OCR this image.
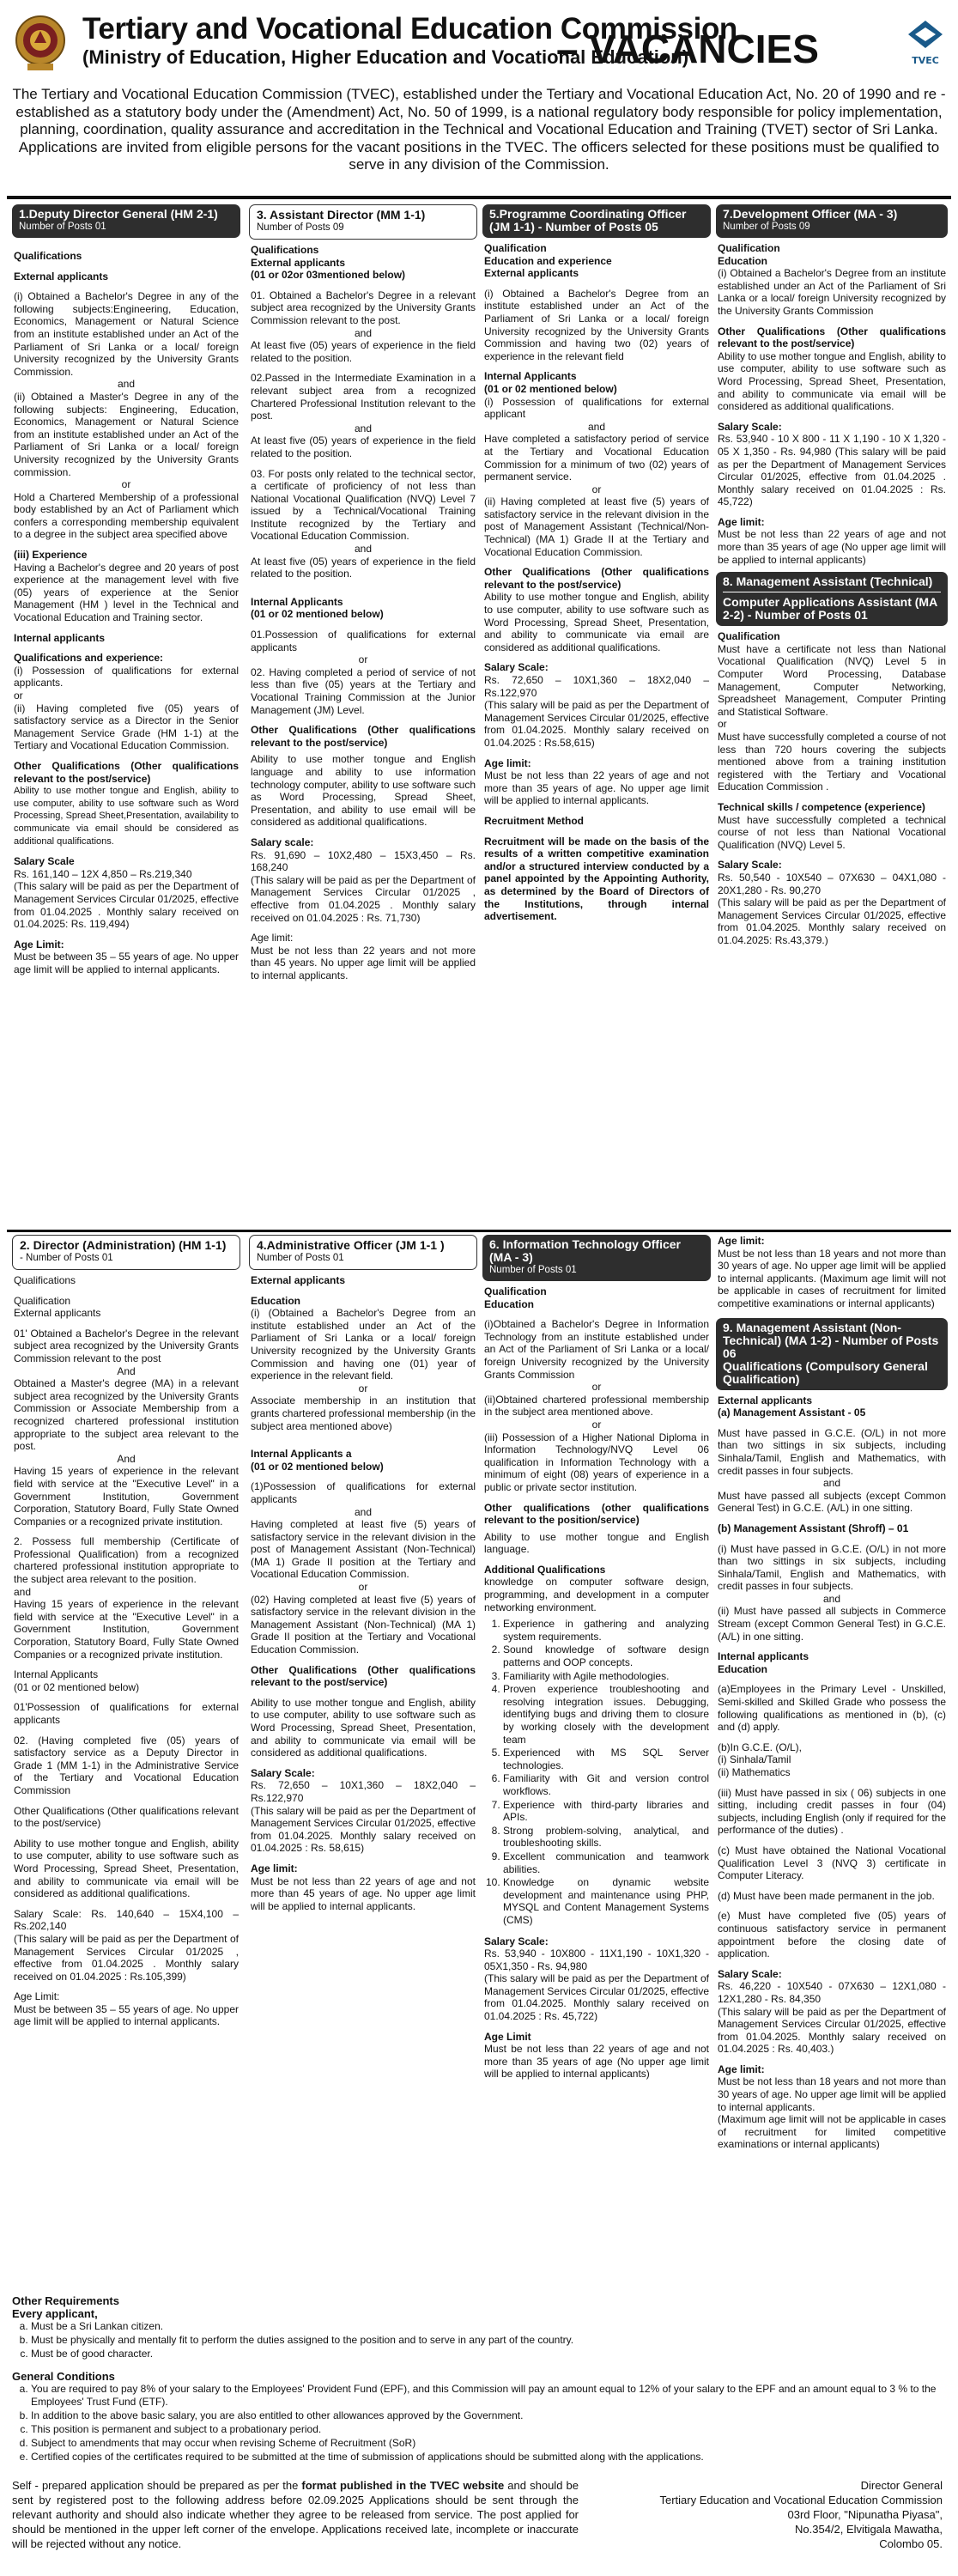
Tertiary and Vocational Education Commission
(Ministry of Education, Higher Education and Vocational Education)
– VACANCIES	TVEC
The Tertiary and Vocational Education Commission (TVEC), established under the Tertiary and Vocational Education Act, No. 20 of 1990 and re -established as a statutory body under the (Amendment) Act, No. 50 of 1999, is a national regulatory body responsible for policy implementation, planning, coordination, quality assurance and accreditation in the Technical and Vocational Education and Training (TVET) sector of Sri Lanka. Applications are invited from eligible persons for the vacant positions in the TVEC. The officers selected for these positions must be qualified to serve in any division of the Commission.
1.Deputy Director General (HM 2-1)
Number of Posts 01
Qualifications
External applicants
(i) Obtained a Bachelor's Degree in any of the following subjects:Engineering, Education, Economics, Management or Natural Science from an institute established under an Act of the Parliament of Sri Lanka or a local/ foreign University recognized by the University Grants Commission.
and
(ii) Obtained a Master's Degree in any of the following subjects: Engineering, Education, Economics, Management or Natural Science from an institute established under an Act of the Parliament of Sri Lanka or a local/ foreign University recognized by the University Grants commission.
or
Hold a Chartered Membership of a professional body established by an Act of Parliament which confers a corresponding membership equivalent to a degree in the subject area specified above
(iii) Experience
Having a Bachelor's degree and 20 years of post experience at the management level with five (05) years of experience at the Senior Management (HM ) level in the Technical and Vocational Education and Training sector.
Internal applicants
Qualifications and experience:
(i) Possession of qualifications for external applicants.
or
(ii) Having completed five (05) years of satisfactory service as a Director in the Senior Management Service Grade (HM 1-1) at the Tertiary and Vocational Education Commission.
Other Qualifications (Other qualifications relevant to the post/service)
Ability to use mother tongue and English, ability to use computer, ability to use software such as Word Processing, Spread Sheet,Presentation, availability to communicate via email should be considered as additional qualifications.
Salary Scale
Rs. 161,140 – 12X 4,850 – Rs.219,340
(This salary will be paid as per the Department of Management Services Circular 01/2025, effective from 01.04.2025 . Monthly salary received on 01.04.2025: Rs. 119,494)
Age Limit:
Must be between 35 – 55 years of age. No upper age limit will be applied to internal applicants.
3. Assistant Director (MM 1-1)
Number of Posts 09
Qualifications
External applicants
(01 or 02or 03mentioned below)
01. Obtained a Bachelor's Degree in a relevant subject area recognized by the University Grants Commission relevant to the post.
and
At least five (05) years of experience in the field related to the position.
02.Passed in the Intermediate Examination in a relevant subject area from a recognized Chartered Professional Institution relevant to the post.
and
At least five (05) years of experience in the field related to the position.
03. For posts only related to the technical sector, a certificate of proficiency of not less than National Vocational Qualification (NVQ) Level 7 issued by a Technical/Vocational Training Institute recognized by the Tertiary and Vocational Education Commission.
and
At least five (05) years of experience in the field related to the position.
Internal Applicants
(01 or 02 mentioned below)
01.Possession of qualifications for external applicants
or
02. Having completed a period of service of not less than five (05) years at the Tertiary and Vocational Training Commission at the Junior Management (JM) Level.
Other Qualifications (Other qualifications relevant to the post/service)
Ability to use mother tongue and English language and ability to use information technology computer, ability to use software such as Word Processing, Spread Sheet, Presentation, and ability to use email will be considered as additional qualifications.
Salary scale:
Rs. 91,690 – 10X2,480 – 15X3,450 – Rs. 168,240
(This salary will be paid as per the Department of Management Services Circular 01/2025 , effective from 01.04.2025 . Monthly salary received on 01.04.2025 : Rs. 71,730)
Age limit:
Must be not less than 22 years and not more than 45 years. No upper age limit will be applied to internal applicants.
5.Programme Coordinating Officer (JM 1-1) - Number of Posts 05
Qualification
Education and experience
External applicants
(i) Obtained a Bachelor's Degree from an institute established under an Act of the Parliament of Sri Lanka or a local/ foreign University recognized by the University Grants Commission and having two (02) years of experience in the relevant field
Internal Applicants
(01 or 02 mentioned below)
(i) Possession of qualifications for external applicant
and
Have completed a satisfactory period of service at the Tertiary and Vocational Education Commission for a minimum of two (02) years of permanent service.
or
(ii) Having completed at least five (5) years of satisfactory service in the relevant division in the post of Management Assistant (Technical/Non-Technical) (MA 1) Grade II at the Tertiary and Vocational Education Commission.
Other Qualifications (Other qualifications relevant to the post/service)
Ability to use mother tongue and English, ability to use computer, ability to use software such as Word Processing, Spread Sheet, Presentation, and ability to communicate via email are considered as additional qualifications.
Salary Scale:
Rs. 72,650 – 10X1,360 – 18X2,040 – Rs.122,970
(This salary will be paid as per the Department of Management Services Circular 01/2025, effective from 01.04.2025. Monthly salary received on 01.04.2025 : Rs.58,615)
Age limit:
Must be not less than 22 years of age and not more than 35 years of age. No upper age limit will be applied to internal applicants.
Recruitment Method
Recruitment will be made on the basis of the results of a written competitive examination and/or a structured interview conducted by a panel appointed by the Appointing Authority, as determined by the Board of Directors of the Institutions, through internal advertisement.
7.Development Officer (MA - 3)
Number of Posts 09
Qualification
Education
(i) Obtained a Bachelor's Degree from an institute established under an Act of the Parliament of Sri Lanka or a local/ foreign University recognized by the University Grants Commission
Other Qualifications (Other qualifications relevant to the post/service)
Ability to use mother tongue and English, ability to use computer, ability to use software such as Word Processing, Spread Sheet, Presentation, and ability to communicate via email will be considered as additional qualifications.
Salary Scale:
Rs. 53,940 - 10 X 800 - 11 X 1,190 - 10 X 1,320 - 05 X 1,350 - Rs. 94,980 (This salary will be paid as per the Department of Management Services Circular 01/2025, effective from 01.04.2025 . Monthly salary received on 01.04.2025 : Rs. 45,722)
Age limit:
Must be not less than 22 years of age and not more than 35 years of age (No upper age limit will be applied to internal applicants)
8. Management Assistant (Technical)
Computer Applications Assistant (MA 2-2) - Number of Posts 01
Qualification
Must have a certificate not less than National Vocational Qualification (NVQ) Level 5 in Computer Word Processing, Database Management, Computer Networking, Spreadsheet Management, Computer Printing and Statistical Software.
or
Must have successfully completed a course of not less than 720 hours covering the subjects mentioned above from a training institution registered with the Tertiary and Vocational Education Commission .
Technical skills / competence (experience)
Must have successfully completed a technical course of not less than National Vocational Qualification (NVQ) Level 5.
Salary Scale:
Rs. 50,540 - 10X540 – 07X630 – 04X1,080 - 20X1,280 - Rs. 90,270
(This salary will be paid as per the Department of Management Services Circular 01/2025, effective from 01.04.2025. Monthly salary received on 01.04.2025: Rs.43,379.)
2. Director (Administration) (HM 1-1)
- Number of Posts 01
Qualifications
Qualification
External applicants
01' Obtained a Bachelor's Degree in the relevant subject area recognized by the University Grants Commission relevant to the post
And
Obtained a Master's degree (MA) in a relevant subject area recognized by the University Grants Commission or Associate Membership from a recognized chartered professional institution appropriate to the subject area relevant to the post.
And
Having 15 years of experience in the relevant field with service at the "Executive Level" in a Government Institution, Government Corporation, Statutory Board, Fully State Owned Companies or a recognized private institution.
2. Possess full membership (Certificate of Professional Qualification) from a recognized chartered professional institution appropriate to the subject area relevant to the position.
and
Having 15 years of experience in the relevant field with service at the "Executive Level" in a Government Institution, Government Corporation, Statutory Board, Fully State Owned Companies or a recognized private institution.
Internal Applicants
(01 or 02 mentioned below)
01'Possession of qualifications for external applicants
02. (Having completed five (05) years of satisfactory service as a Deputy Director in Grade 1 (MM 1-1) in the Administrative Service of the Tertiary and Vocational Education Commission
Other Qualifications (Other qualifications relevant to the post/service)
Ability to use mother tongue and English, ability to use computer, ability to use software such as Word Processing, Spread Sheet, Presentation, and ability to communicate via email will be considered as additional qualifications.
Salary Scale: Rs. 140,640 – 15X4,100 – Rs.202,140
(This salary will be paid as per the Department of Management Services Circular 01/2025 , effective from 01.04.2025 . Monthly salary received on 01.04.2025 : Rs.105,399)
Age Limit:
Must be between 35 – 55 years of age. No upper age limit will be applied to internal applicants.
4.Administrative Officer (JM 1-1 )
Number of Posts 01
External applicants
Education
(i) (Obtained a Bachelor's Degree from an institute established under an Act of the Parliament of Sri Lanka or a local/ foreign University recognized by the University Grants Commission and having one (01) year of experience in the relevant field.
or
Associate membership in an institution that grants chartered professional membership (in the subject area mentioned above)
Internal Applicants a
(01 or 02 mentioned below)
(1)Possession of qualifications for external applicants
and
Having completed at least five (5) years of satisfactory service in the relevant division in the post of Management Assistant (Non-Technical) (MA 1) Grade II position at the Tertiary and Vocational Education Commission.
or
(02) Having completed at least five (5) years of satisfactory service in the relevant division in the Management Assistant (Non-Technical) (MA 1) Grade II position at the Tertiary and Vocational Education Commission.
Other Qualifications (Other qualifications relevant to the post/service)
Ability to use mother tongue and English, ability to use computer, ability to use software such as Word Processing, Spread Sheet, Presentation, and ability to communicate via email will be considered as additional qualifications.
Salary Scale:
Rs. 72,650 – 10X1,360 – 18X2,040 – Rs.122,970
(This salary will be paid as per the Department of Management Services Circular 01/2025, effective from 01.04.2025. Monthly salary received on 01.04.2025 : Rs. 58,615)
Age limit:
Must be not less than 22 years of age and not more than 45 years of age. No upper age limit will be applied to internal applicants.
6. Information Technology Officer (MA - 3)
Number of Posts 01
Qualification
Education
(i)Obtained a Bachelor's Degree in Information Technology from an institute established under an Act of the Parliament of Sri Lanka or a local/ foreign University recognized by the University Grants Commission
or
(ii)Obtained chartered professional membership in the subject area mentioned above.
or
(iii) Possession of a Higher National Diploma in Information Technology/NVQ Level 06 qualification in Information Technology with a minimum of eight (08) years of experience in a public or private sector institution.
Other qualifications (other qualifications relevant to the position/service)
Ability to use mother tongue and English language.
Additional Qualifications
knowledge on computer software design, programming, and development in a computer networking environment.
1. Experience in gathering and analyzing system requirements.
2. Sound knowledge of software design patterns and OOP concepts.
3. Familiarity with Agile methodologies.
4. Proven experience troubleshooting and resolving integration issues. Debugging, identifying bugs and driving them to closure by working closely with the development team
5. Experienced with MS SQL Server technologies.
6. Familiarity with Git and version control workflows.
7. Experience with third-party libraries and APIs.
8. Strong problem-solving, analytical, and troubleshooting skills.
9. Excellent communication and teamwork abilities.
10. Knowledge on dynamic website development and maintenance using PHP, MYSQL and Content Management Systems (CMS)
Salary Scale:
Rs. 53,940 - 10X800 - 11X1,190 - 10X1,320 - 05X1,350 - Rs. 94,980
(This salary will be paid as per the Department of Management Services Circular 01/2025, effective from 01.04.2025. Monthly salary received on 01.04.2025 : Rs. 45,722)
Age Limit
Must be not less than 22 years of age and not more than 35 years of age (No upper age limit will be applied to internal applicants)
Age limit:
Must be not less than 18 years and not more than 30 years of age. No upper age limit will be applied to internal applicants. (Maximum age limit will not be applicable in cases of recruitment for limited competitive examinations or internal applicants)
9. Management Assistant (Non-Technical) (MA 1-2) - Number of Posts 06
Qualifications (Compulsory General Qualification)
External applicants
(a) Management Assistant - 05
Must have passed in G.C.E. (O/L) in not more than two sittings in six subjects, including Sinhala/Tamil, English and Mathematics, with credit passes in four subjects.
and
Must have passed all subjects (except Common General Test) in G.C.E. (A/L) in one sitting.
(b) Management Assistant (Shroff) – 01
(i) Must have passed in G.C.E. (O/L) in not more than two sittings in six subjects, including Sinhala/Tamil, English and Mathematics, with credit passes in four subjects.
and
(ii) Must have passed all subjects in Commerce Stream (except Common General Test) in G.C.E. (A/L) in one sitting.
Internal applicants
Education
(a)Employees in the Primary Level - Unskilled, Semi-skilled and Skilled Grade who possess the following qualifications as mentioned in (b), (c) and (d) apply.
(b)In G.C.E. (O/L),
(i) Sinhala/Tamil
(ii) Mathematics
(iii) Must have passed in six ( 06) subjects in one sitting, including credit passes in four (04) subjects, including English (only if required for the performance of the duties) .
(c) Must have obtained the National Vocational Qualification Level 3 (NVQ 3) certificate in Computer Literacy.
(d) Must have been made permanent in the job.
(e) Must have completed five (05) years of continuous satisfactory service in permanent appointment before the closing date of application.
Salary Scale:
Rs. 46,220 - 10X540 - 07X630 – 12X1,080 - 12X1,280 - Rs. 84,350
(This salary will be paid as per the Department of Management Services Circular 01/2025, effective from 01.04.2025. Monthly salary received on 01.04.2025 : Rs. 40,403.)
Age limit:
Must be not less than 18 years and not more than 30 years of age. No upper age limit will be applied to internal applicants.
(Maximum age limit will not be applicable in cases of recruitment for limited competitive examinations or internal applicants)
Other Requirements
Every applicant,
a. Must be a Sri Lankan citizen.
b. Must be physically and mentally fit to perform the duties assigned to the position and to serve in any part of the country.
c. Must be of good character.
General Conditions
a. You are required to pay 8% of your salary to the Employees' Provident Fund (EPF), and this Commission will pay an amount equal to 12% of your salary to the EPF and an amount equal to 3 % to the Employees' Trust Fund (ETF).
b. In addition to the above basic salary, you are also entitled to other allowances approved by the Government.
c. This position is permanent and subject to a probationary period.
d. Subject to amendments that may occur when revising Scheme of Recruitment (SoR)
e. Certified copies of the certificates required to be submitted at the time of submission of applications should be submitted along with the applications.
Self - prepared application should be prepared as per the format published in the TVEC website and should be sent by registered post to the following address before 02.09.2025 Applications should be sent through the relevant authority and should also indicate whether they agree to be released from service. The post applied for should be mentioned in the upper left corner of the envelope. Applications received late, incomplete or inaccurate will be rejected without any notice.
Director General
Tertiary Education and Vocational Education Commission
03rd Floor, "Nipunatha Piyasa",
No.354/2, Elvitigala Mawatha,
Colombo 05.
